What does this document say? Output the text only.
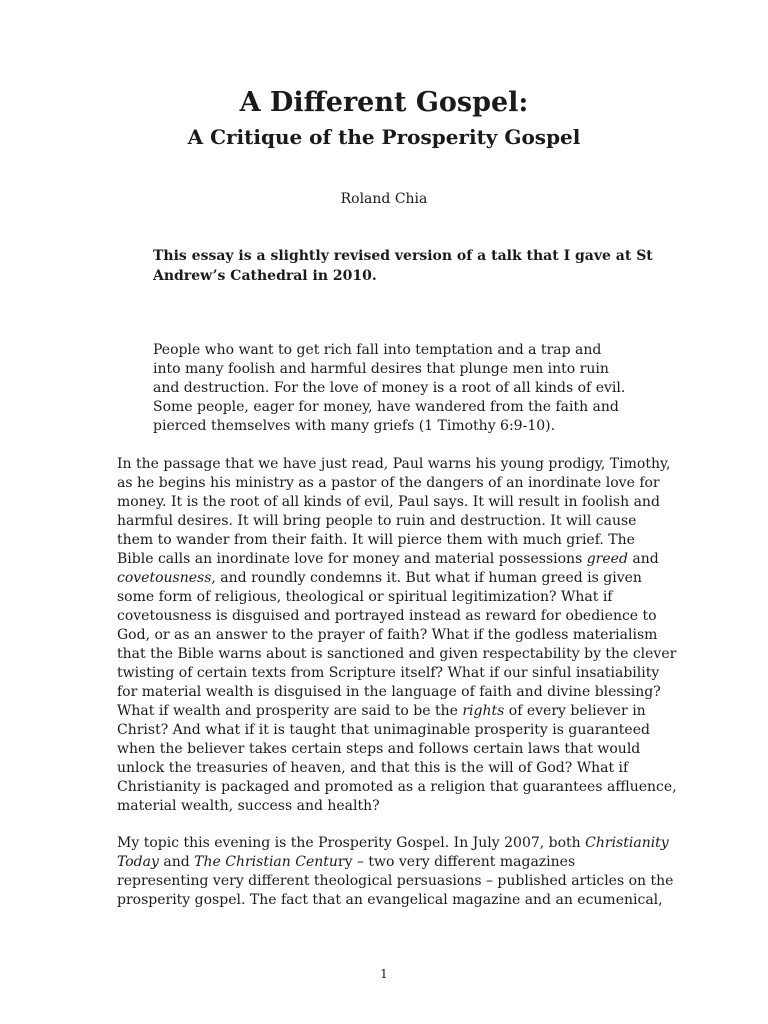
A Different Gospel:
A Critique of the Prosperity Gospel
Roland Chia
This essay is a slightly revised version of a talk that I gave at St
Andrew’s Cathedral in 2010.
People who want to get rich fall into temptation and a trap and
into many foolish and harmful desires that plunge men into ruin
and destruction. For the love of money is a root of all kinds of evil.
Some people, eager for money, have wandered from the faith and
pierced themselves with many griefs (1 Timothy 6:9-10).
In the passage that we have just read, Paul warns his young prodigy, Timothy,
as he begins his ministry as a pastor of the dangers of an inordinate love for
money. It is the root of all kinds of evil, Paul says. It will result in foolish and
harmful desires. It will bring people to ruin and destruction. It will cause
them to wander from their faith. It will pierce them with much grief. The
Bible calls an inordinate love for money and material possessions greed and
covetousness, and roundly condemns it. But what if human greed is given
some form of religious, theological or spiritual legitimization? What if
covetousness is disguised and portrayed instead as reward for obedience to
God, or as an answer to the prayer of faith? What if the godless materialism
that the Bible warns about is sanctioned and given respectability by the clever
twisting of certain texts from Scripture itself? What if our sinful insatiability
for material wealth is disguised in the language of faith and divine blessing?
What if wealth and prosperity are said to be the rights of every believer in
Christ? And what if it is taught that unimaginable prosperity is guaranteed
when the believer takes certain steps and follows certain laws that would
unlock the treasuries of heaven, and that this is the will of God? What if
Christianity is packaged and promoted as a religion that guarantees affluence,
material wealth, success and health?
My topic this evening is the Prosperity Gospel. In July 2007, both Christianity
Today and The Christian Century – two very different magazines
representing very different theological persuasions – published articles on the
prosperity gospel. The fact that an evangelical magazine and an ecumenical,
1
